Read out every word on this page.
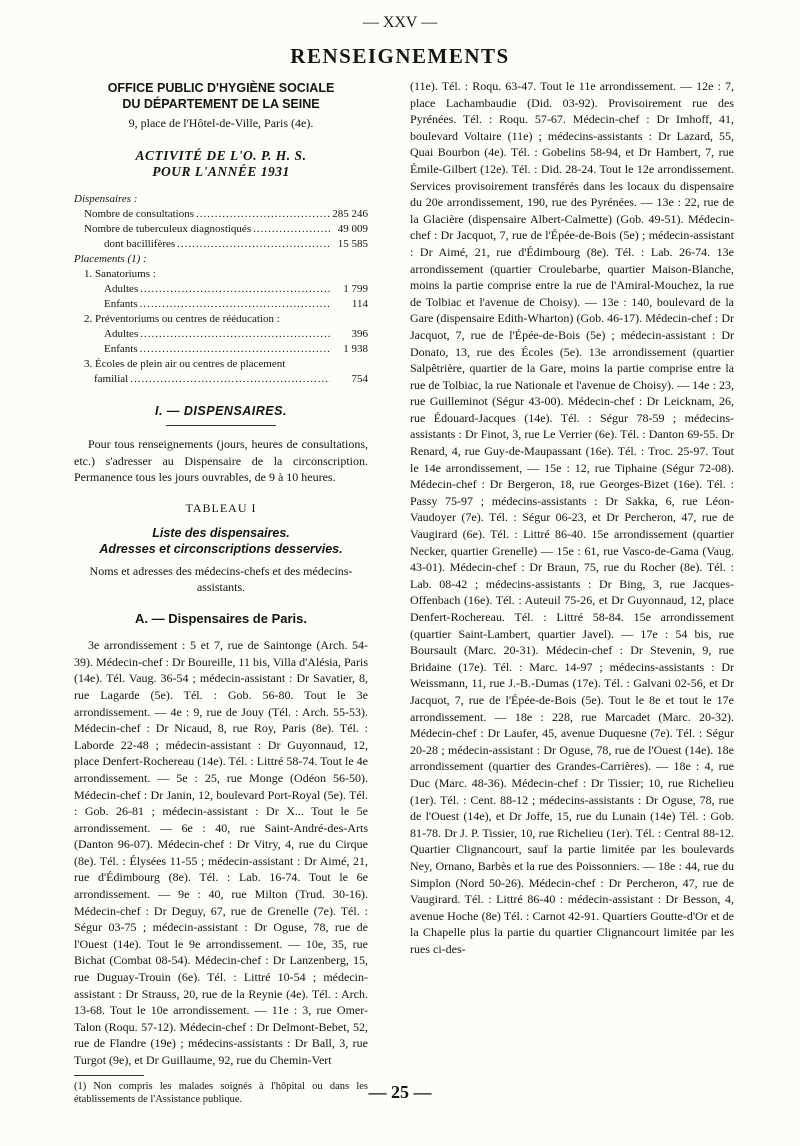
— XXV —
RENSEIGNEMENTS
OFFICE PUBLIC D'HYGIÈNE SOCIALE
DU DÉPARTEMENT DE LA SEINE
9, place de l'Hôtel-de-Ville, Paris (4e).
ACTIVITÉ DE L'O. P. H. S.
POUR L'ANNÉE 1931
Dispensaires :
Nombre de consultations .....	285 246
Nombre de tuberculeux diagnostiqués .....	49 009
dont bacillifères .....	15 585
Placements (1) :
1. Sanatoriums :
Adultes .....	1 799
Enfants .....	114
2. Préventoriums ou centres de rééducation :
Adultes .....	396
Enfants .....	1 938
3. Écoles de plein air ou centres de placement
familial .....	754
I. — DISPENSAIRES.
Pour tous renseignements (jours, heures de consultations, etc.) s'adresser au Dispensaire de la circonscription. Permanence tous les jours ouvrables, de 9 à 10 heures.
TABLEAU I
Liste des dispensaires.
Adresses et circonscriptions desservies.
Noms et adresses des médecins-chefs et des médecins-assistants.
A. — Dispensaires de Paris.
3e arrondissement : 5 et 7, rue de Saintonge (Arch. 54-39). Médecin-chef : Dr Boureille, 11 bis, Villa d'Alésia, Paris (14e). Tél. Vaug. 36-54 ; médecin-assistant : Dr Savatier, 8, rue Lagarde (5e). Tél. : Gob. 56-80. Tout le 3e arrondissement. — 4e : 9, rue de Jouy (Tél. : Arch. 55-53). Médecin-chef : Dr Nicaud, 8, rue Roy, Paris (8e). Tél. : Laborde 22-48 ; médecin-assistant : Dr Guyonnaud, 12, place Denfert-Rochereau (14e). Tél. : Littré 58-74. Tout le 4e arrondissement. — 5e : 25, rue Monge (Odéon 56-50). Médecin-chef : Dr Janin, 12, boulevard Port-Royal (5e). Tél. : Gob. 26-81 ; médecin-assistant : Dr X... Tout le 5e arrondissement. — 6e : 40, rue Saint-André-des-Arts (Danton 96-07). Médecin-chef : Dr Vitry, 4, rue du Cirque (8e). Tél. : Élysées 11-55 ; médecin-assistant : Dr Aimé, 21, rue d'Édimbourg (8e). Tél. : Lab. 16-74. Tout le 6e arrondissement. — 9e : 40, rue Milton (Trud. 30-16). Médecin-chef : Dr Deguy, 67, rue de Grenelle (7e). Tél. : Ségur 03-75 ; médecin-assistant : Dr Oguse, 78, rue de l'Ouest (14e). Tout le 9e arrondissement. — 10e, 35, rue Bichat (Combat 08-54). Médecin-chef : Dr Lanzenberg, 15, rue Duguay-Trouin (6e). Tél. : Littré 10-54 ; médecin-assistant : Dr Strauss, 20, rue de la Reynie (4e). Tél. : Arch. 13-68. Tout le 10e arrondissement. — 11e : 3, rue Omer-Talon (Roqu. 57-12). Médecin-chef : Dr Delmont-Bebet, 52, rue de Flandre (19e) ; médecins-assistants : Dr Ball, 3, rue Turgot (9e), et Dr Guillaume, 92, rue du Chemin-Vert
(1) Non compris les malades soignés à l'hôpital ou dans les établissements de l'Assistance publique.

(11e). Tél. : Roqu. 63-47. Tout le 11e arrondissement. — 12e : 7, place Lachambaudie (Did. 03-92). Provisoirement rue des Pyrénées. Tél. : Roqu. 57-67. Médecin-chef : Dr Imhoff, 41, boulevard Voltaire (11e) ; médecins-assistants : Dr Lazard, 55, Quai Bourbon (4e). Tél. : Gobelins 58-94, et Dr Hambert, 7, rue Émile-Gilbert (12e). Tél. : Did. 28-24. Tout le 12e arrondissement. Services provisoirement transférés dans les locaux du dispensaire du 20e arrondissement, 190, rue des Pyrénées. — 13e : 22, rue de la Glacière (dispensaire Albert-Calmette) (Gob. 49-51). Médecin-chef : Dr Jacquot, 7, rue de l'Épée-de-Bois (5e) ; médecin-assistant : Dr Aimé, 21, rue d'Édimbourg (8e). Tél. : Lab. 26-74. 13e arrondissement (quartier Croulebarbe, quartier Maison-Blanche, moins la partie comprise entre la rue de l'Amiral-Mouchez, la rue de Tolbiac et l'avenue de Choisy). — 13e : 140, boulevard de la Gare (dispensaire Edith-Wharton) (Gob. 46-17). Médecin-chef : Dr Jacquot, 7, rue de l'Épée-de-Bois (5e) ; médecin-assistant : Dr Donato, 13, rue des Écoles (5e). 13e arrondissement (quartier Salpêtrière, quartier de la Gare, moins la partie comprise entre la rue de Tolbiac, la rue Nationale et l'avenue de Choisy). — 14e : 23, rue Guilleminot (Ségur 43-00). Médecin-chef : Dr Leicknam, 26, rue Édouard-Jacques (14e). Tél. : Ségur 78-59 ; médecins-assistants : Dr Finot, 3, rue Le Verrier (6e). Tél. : Danton 69-55. Dr Renard, 4, rue Guy-de-Maupassant (16e). Tél. : Troc. 25-97. Tout le 14e arrondissement, — 15e : 12, rue Tiphaine (Ségur 72-08). Médecin-chef : Dr Bergeron, 18, rue Georges-Bizet (16e). Tél. : Passy 75-97 ; médecins-assistants : Dr Sakka, 6, rue Léon-Vaudoyer (7e). Tél. : Ségur 06-23, et Dr Percheron, 47, rue de Vaugirard (6e). Tél. : Littré 86-40. 15e arrondissement (quartier Necker, quartier Grenelle) — 15e : 61, rue Vasco-de-Gama (Vaug. 43-01). Médecin-chef : Dr Braun, 75, rue du Rocher (8e). Tél. : Lab. 08-42 ; médecins-assistants : Dr Bing, 3, rue Jacques-Offenbach (16e). Tél. : Auteuil 75-26, et Dr Guyonnaud, 12, place Denfert-Rochereau. Tél. : Littré 58-84. 15e arrondissement (quartier Saint-Lambert, quartier Javel). — 17e : 54 bis, rue Boursault (Marc. 20-31). Médecin-chef : Dr Stevenin, 9, rue Bridaine (17e). Tél. : Marc. 14-97 ; médecins-assistants : Dr Weissmann, 11, rue J.-B.-Dumas (17e). Tél. : Galvani 02-56, et Dr Jacquot, 7, rue de l'Épée-de-Bois (5e). Tout le 8e et tout le 17e arrondissement. — 18e : 228, rue Marcadet (Marc. 20-32). Médecin-chef : Dr Laufer, 45, avenue Duquesne (7e). Tél. : Ségur 20-28 ; médecin-assistant : Dr Oguse, 78, rue de l'Ouest (14e). 18e arrondissement (quartier des Grandes-Carrières). — 18e : 4, rue Duc (Marc. 48-36). Médecin-chef : Dr Tissier; 10, rue Richelieu (1er). Tél. : Cent. 88-12 ; médecins-assistants : Dr Oguse, 78, rue de l'Ouest (14e), et Dr Joffe, 15, rue du Lunain (14e) Tél. : Gob. 81-78. Dr J. P. Tissier, 10, rue Richelieu (1er). Tél. : Central 88-12. Quartier Clignancourt, sauf la partie limitée par les boulevards Ney, Ornano, Barbès et la rue des Poissonniers. — 18e : 44, rue du Simplon (Nord 50-26). Médecin-chef : Dr Percheron, 47, rue de Vaugirard. Tél. : Littré 86-40 : médecin-assistant : Dr Besson, 4, avenue Hoche (8e) Tél. : Carnot 42-91. Quartiers Goutte-d'Or et de la Chapelle plus la partie du quartier Clignancourt limitée par les rues ci-des-

— 25 —
